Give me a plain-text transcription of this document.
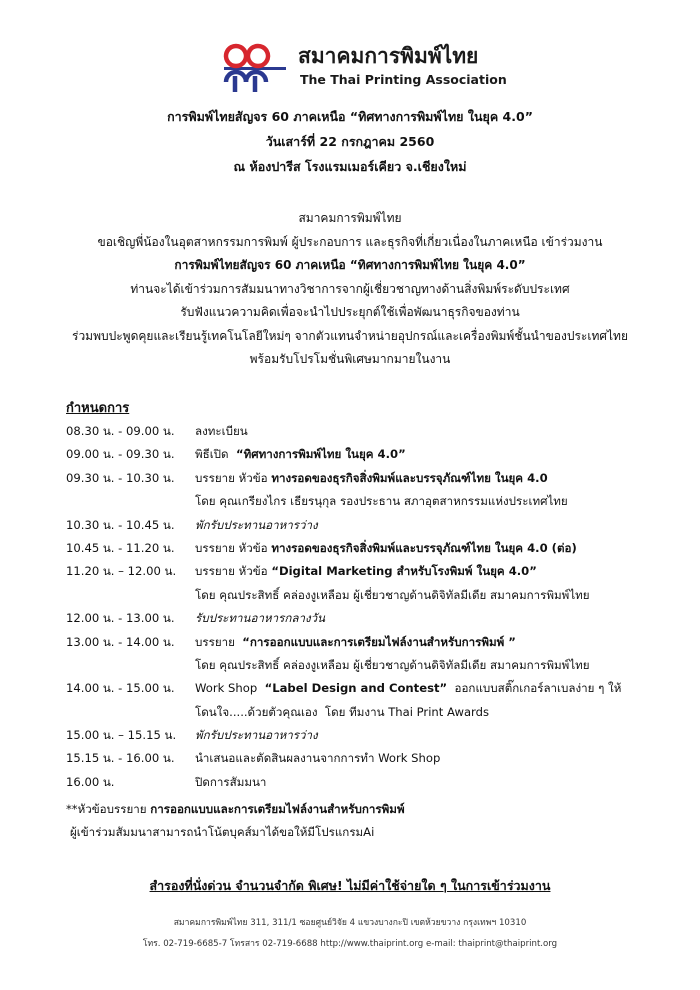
สมาคมการพิมพ์ไทย
The Thai Printing Association
การพิมพ์ไทยสัญจร 60 ภาคเหนือ “ทิศทางการพิมพ์ไทย ในยุค 4.0”
วันเสาร์ที่ 22 กรกฎาคม 2560
ณ ห้องปารีส โรงแรมเมอร์เคียว จ.เชียงใหม่
สมาคมการพิมพ์ไทย
ขอเชิญพี่น้องในอุตสาหกรรมการพิมพ์ ผู้ประกอบการ และธุรกิจที่เกี่ยวเนื่องในภาคเหนือ เข้าร่วมงาน
การพิมพ์ไทยสัญจร 60 ภาคเหนือ “ทิศทางการพิมพ์ไทย ในยุค 4.0”
ท่านจะได้เข้าร่วมการสัมมนาทางวิชาการจากผู้เชี่ยวชาญทางด้านสิ่งพิมพ์ระดับประเทศ
รับฟังแนวความคิดเพื่อจะนำไปประยุกต์ใช้เพื่อพัฒนาธุรกิจของท่าน
ร่วมพบปะพูดคุยและเรียนรู้เทคโนโลยีใหม่ๆ จากตัวแทนจำหน่ายอุปกรณ์และเครื่องพิมพ์ชั้นนำของประเทศไทย
พร้อมรับโปรโมชั่นพิเศษมากมายในงาน
กำหนดการ
08.30 น. - 09.00 น.	ลงทะเบียน
09.00 น. - 09.30 น.	พิธีเปิด  “ทิศทางการพิมพ์ไทย ในยุค 4.0”
09.30 น. - 10.30 น.	บรรยาย หัวข้อ ทางรอดของธุรกิจสิ่งพิมพ์และบรรจุภัณฑ์ไทย ในยุค 4.0
โดย คุณเกรียงไกร เธียรนุกุล รองประธาน สภาอุตสาหกรรมแห่งประเทศไทย
10.30 น. - 10.45 น.	พักรับประทานอาหารว่าง
10.45 น. - 11.20 น.	บรรยาย หัวข้อ ทางรอดของธุรกิจสิ่งพิมพ์และบรรจุภัณฑ์ไทย ในยุค 4.0 (ต่อ)
11.20 น. – 12.00 น.	บรรยาย หัวข้อ “Digital Marketing สำหรับโรงพิมพ์ ในยุค 4.0”
โดย คุณประสิทธิ์ คล่องงูเหลือม ผู้เชี่ยวชาญด้านดิจิทัลมีเดีย สมาคมการพิมพ์ไทย
12.00 น. - 13.00 น.	รับประทานอาหารกลางวัน
13.00 น. - 14.00 น.	บรรยาย  “การออกแบบและการเตรียมไฟล์งานสำหรับการพิมพ์ ”
โดย คุณประสิทธิ์ คล่องงูเหลือม ผู้เชี่ยวชาญด้านดิจิทัลมีเดีย สมาคมการพิมพ์ไทย
14.00 น. - 15.00 น.	Work Shop  “Label Design and Contest”  ออกแบบสติ๊กเกอร์ลาเบลง่าย ๆ ให้
โดนใจ.....ด้วยตัวคุณเอง  โดย ทีมงาน Thai Print Awards
15.00 น. – 15.15 น.	พักรับประทานอาหารว่าง
15.15 น. - 16.00 น.	นำเสนอและตัดสินผลงานจากการทำ Work Shop
16.00 น.	ปิดการสัมมนา
**หัวข้อบรรยาย การออกแบบและการเตรียมไฟล์งานสำหรับการพิมพ์
ผู้เข้าร่วมสัมมนาสามารถนำโน้ตบุคส์มาได้ขอให้มีโปรแกรมAi
สำรองที่นั่งด่วน จำนวนจำกัด พิเศษ! ไม่มีค่าใช้จ่ายใด ๆ ในการเข้าร่วมงาน
สมาคมการพิมพ์ไทย 311, 311/1 ซอยศูนย์วิจัย 4 แขวงบางกะปิ เขตห้วยขวาง กรุงเทพฯ 10310
โทร. 02-719-6685-7 โทรสาร 02-719-6688 http://www.thaiprint.org e-mail: thaiprint@thaiprint.org
